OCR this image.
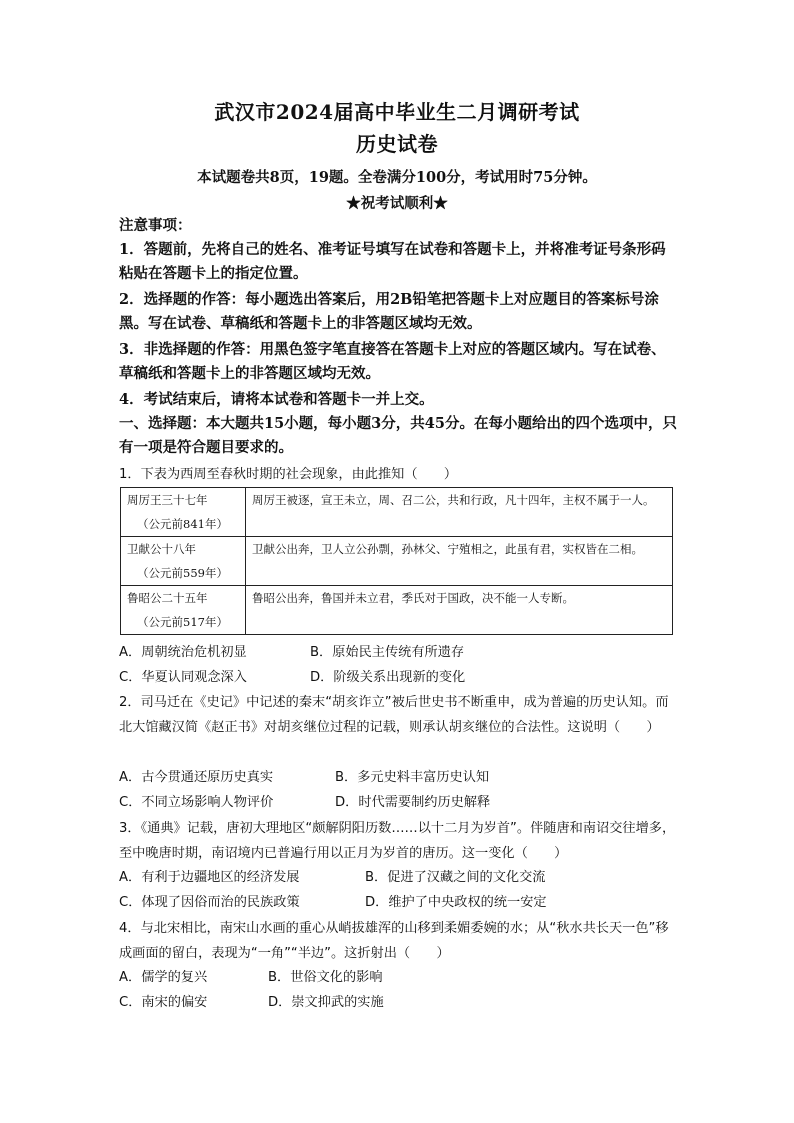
武汉市2024届高中毕业生二月调研考试
历史试卷
本试题卷共8页，19题。全卷满分100分，考试用时75分钟。
★祝考试顺利★
注意事项：
1．答题前，先将自己的姓名、准考证号填写在试卷和答题卡上，并将准考证号条形码粘贴在答题卡上的指定位置。
2．选择题的作答：每小题选出答案后，用2B铅笔把答题卡上对应题目的答案标号涂黑。写在试卷、草稿纸和答题卡上的非答题区域均无效。
3．非选择题的作答：用黑色签字笔直接答在答题卡上对应的答题区域内。写在试卷、草稿纸和答题卡上的非答题区域均无效。
4．考试结束后，请将本试卷和答题卡一并上交。
一、选择题：本大题共15小题，每小题3分，共45分。在每小题给出的四个选项中，只有一项是符合题目要求的。
1．下表为西周至春秋时期的社会现象，由此推知（　　）
周厉王三十七年
（公元前841年）	周厉王被逐，宣王未立，周、召二公，共和行政，凡十四年，主权不属于一人。

卫献公十八年
（公元前559年）	卫献公出奔，卫人立公孙剽，孙林父、宁殖相之，此虽有君，实权皆在二相。

鲁昭公二十五年
（公元前517年）	鲁昭公出奔，鲁国并未立君，季氏对于国政，决不能一人专断。
A．周朝统治危机初显	B．原始民主传统有所遗存
C．华夏认同观念深入	D．阶级关系出现新的变化
2．司马迁在《史记》中记述的秦末“胡亥诈立”被后世史书不断重申，成为普遍的历史认知。而北大馆藏汉简《赵正书》对胡亥继位过程的记载，则承认胡亥继位的合法性。这说明（　　）
A．古今贯通还原历史真实	B．多元史料丰富历史认知
C．不同立场影响人物评价	D．时代需要制约历史解释
3．《通典》记载，唐初大理地区“颇解阴阳历数……以十二月为岁首”。伴随唐和南诏交往增多，至中晚唐时期，南诏境内已普遍行用以正月为岁首的唐历。这一变化（　　）
A．有利于边疆地区的经济发展	B．促进了汉藏之间的文化交流
C．体现了因俗而治的民族政策	D．维护了中央政权的统一安定
4．与北宋相比，南宋山水画的重心从峭拔雄浑的山移到柔媚委婉的水；从“秋水共长天一色”移成画面的留白，表现为“一角”“半边”。这折射出（　　）
A．儒学的复兴	B．世俗文化的影响
C．南宋的偏安	D．崇文抑武的实施
